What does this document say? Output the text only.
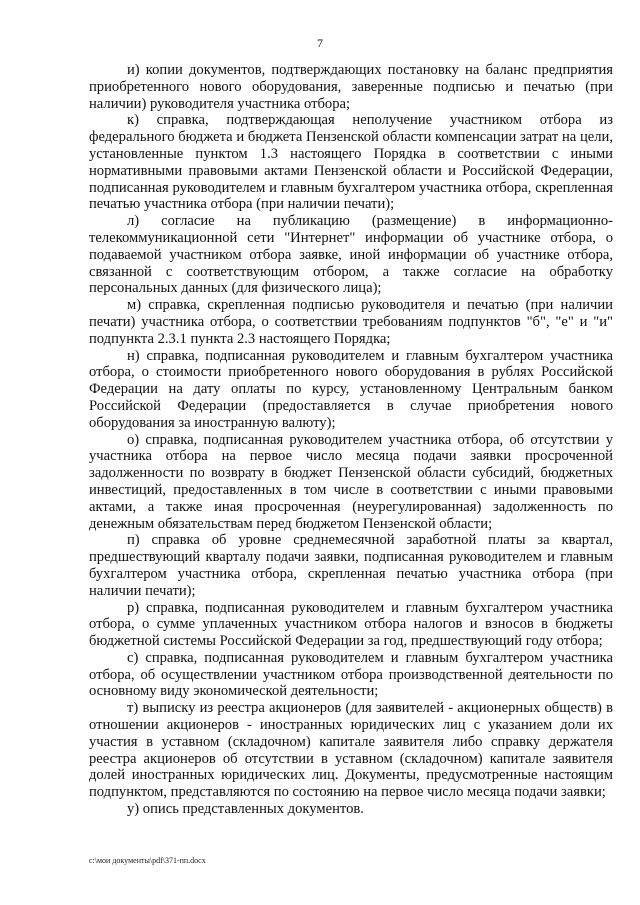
7

и) копии документов, подтверждающих постановку на баланс предприятия приобретенного нового оборудования, заверенные подписью и печатью (при наличии) руководителя участника отбора;

к) справка, подтверждающая неполучение участником отбора из федерального бюджета и бюджета Пензенской области компенсации затрат на цели, установленные пунктом 1.3 настоящего Порядка в соответствии с иными нормативными правовыми актами Пензенской области и Российской Федерации, подписанная руководителем и главным бухгалтером участника отбора, скрепленная печатью участника отбора (при наличии печати);

л) согласие на публикацию (размещение) в информационно-телекоммуникационной сети "Интернет" информации об участнике отбора, о подаваемой участником отбора заявке, иной информации об участнике отбора, связанной с соответствующим отбором, а также согласие на обработку персональных данных (для физического лица);

м) справка, скрепленная подписью руководителя и печатью (при наличии печати) участника отбора, о соответствии требованиям подпунктов "б", "е" и "и" подпункта 2.3.1 пункта 2.3 настоящего Порядка;

н) справка, подписанная руководителем и главным бухгалтером участника отбора, о стоимости приобретенного нового оборудования в рублях Российской Федерации на дату оплаты по курсу, установленному Центральным банком Российской Федерации (предоставляется в случае приобретения нового оборудования за иностранную валюту);

о) справка, подписанная руководителем участника отбора, об отсутствии у участника отбора на первое число месяца подачи заявки просроченной задолженности по возврату в бюджет Пензенской области субсидий, бюджетных инвестиций, предоставленных в том числе в соответствии с иными правовыми актами, а также иная просроченная (неурегулированная) задолженность по денежным обязательствам перед бюджетом Пензенской области;

п) справка об уровне среднемесячной заработной платы за квартал, предшествующий кварталу подачи заявки, подписанная руководителем и главным бухгалтером участника отбора, скрепленная печатью участника отбора (при наличии печати);

р) справка, подписанная руководителем и главным бухгалтером участника отбора, о сумме уплаченных участником отбора налогов и взносов в бюджеты бюджетной системы Российской Федерации за год, предшествующий году отбора;

с) справка, подписанная руководителем и главным бухгалтером участника отбора, об осуществлении участником отбора производственной деятельности по основному виду экономической деятельности;

т) выписку из реестра акционеров (для заявителей - акционерных обществ) в отношении акционеров - иностранных юридических лиц с указанием доли их участия в уставном (складочном) капитале заявителя либо справку держателя реестра акционеров об отсутствии в уставном (складочном) капитале заявителя долей иностранных юридических лиц. Документы, предусмотренные настоящим подпунктом, представляются по состоянию на первое число месяца подачи заявки;

у) опись представленных документов.

c:\мои документы\pdf\371-пп.docx
